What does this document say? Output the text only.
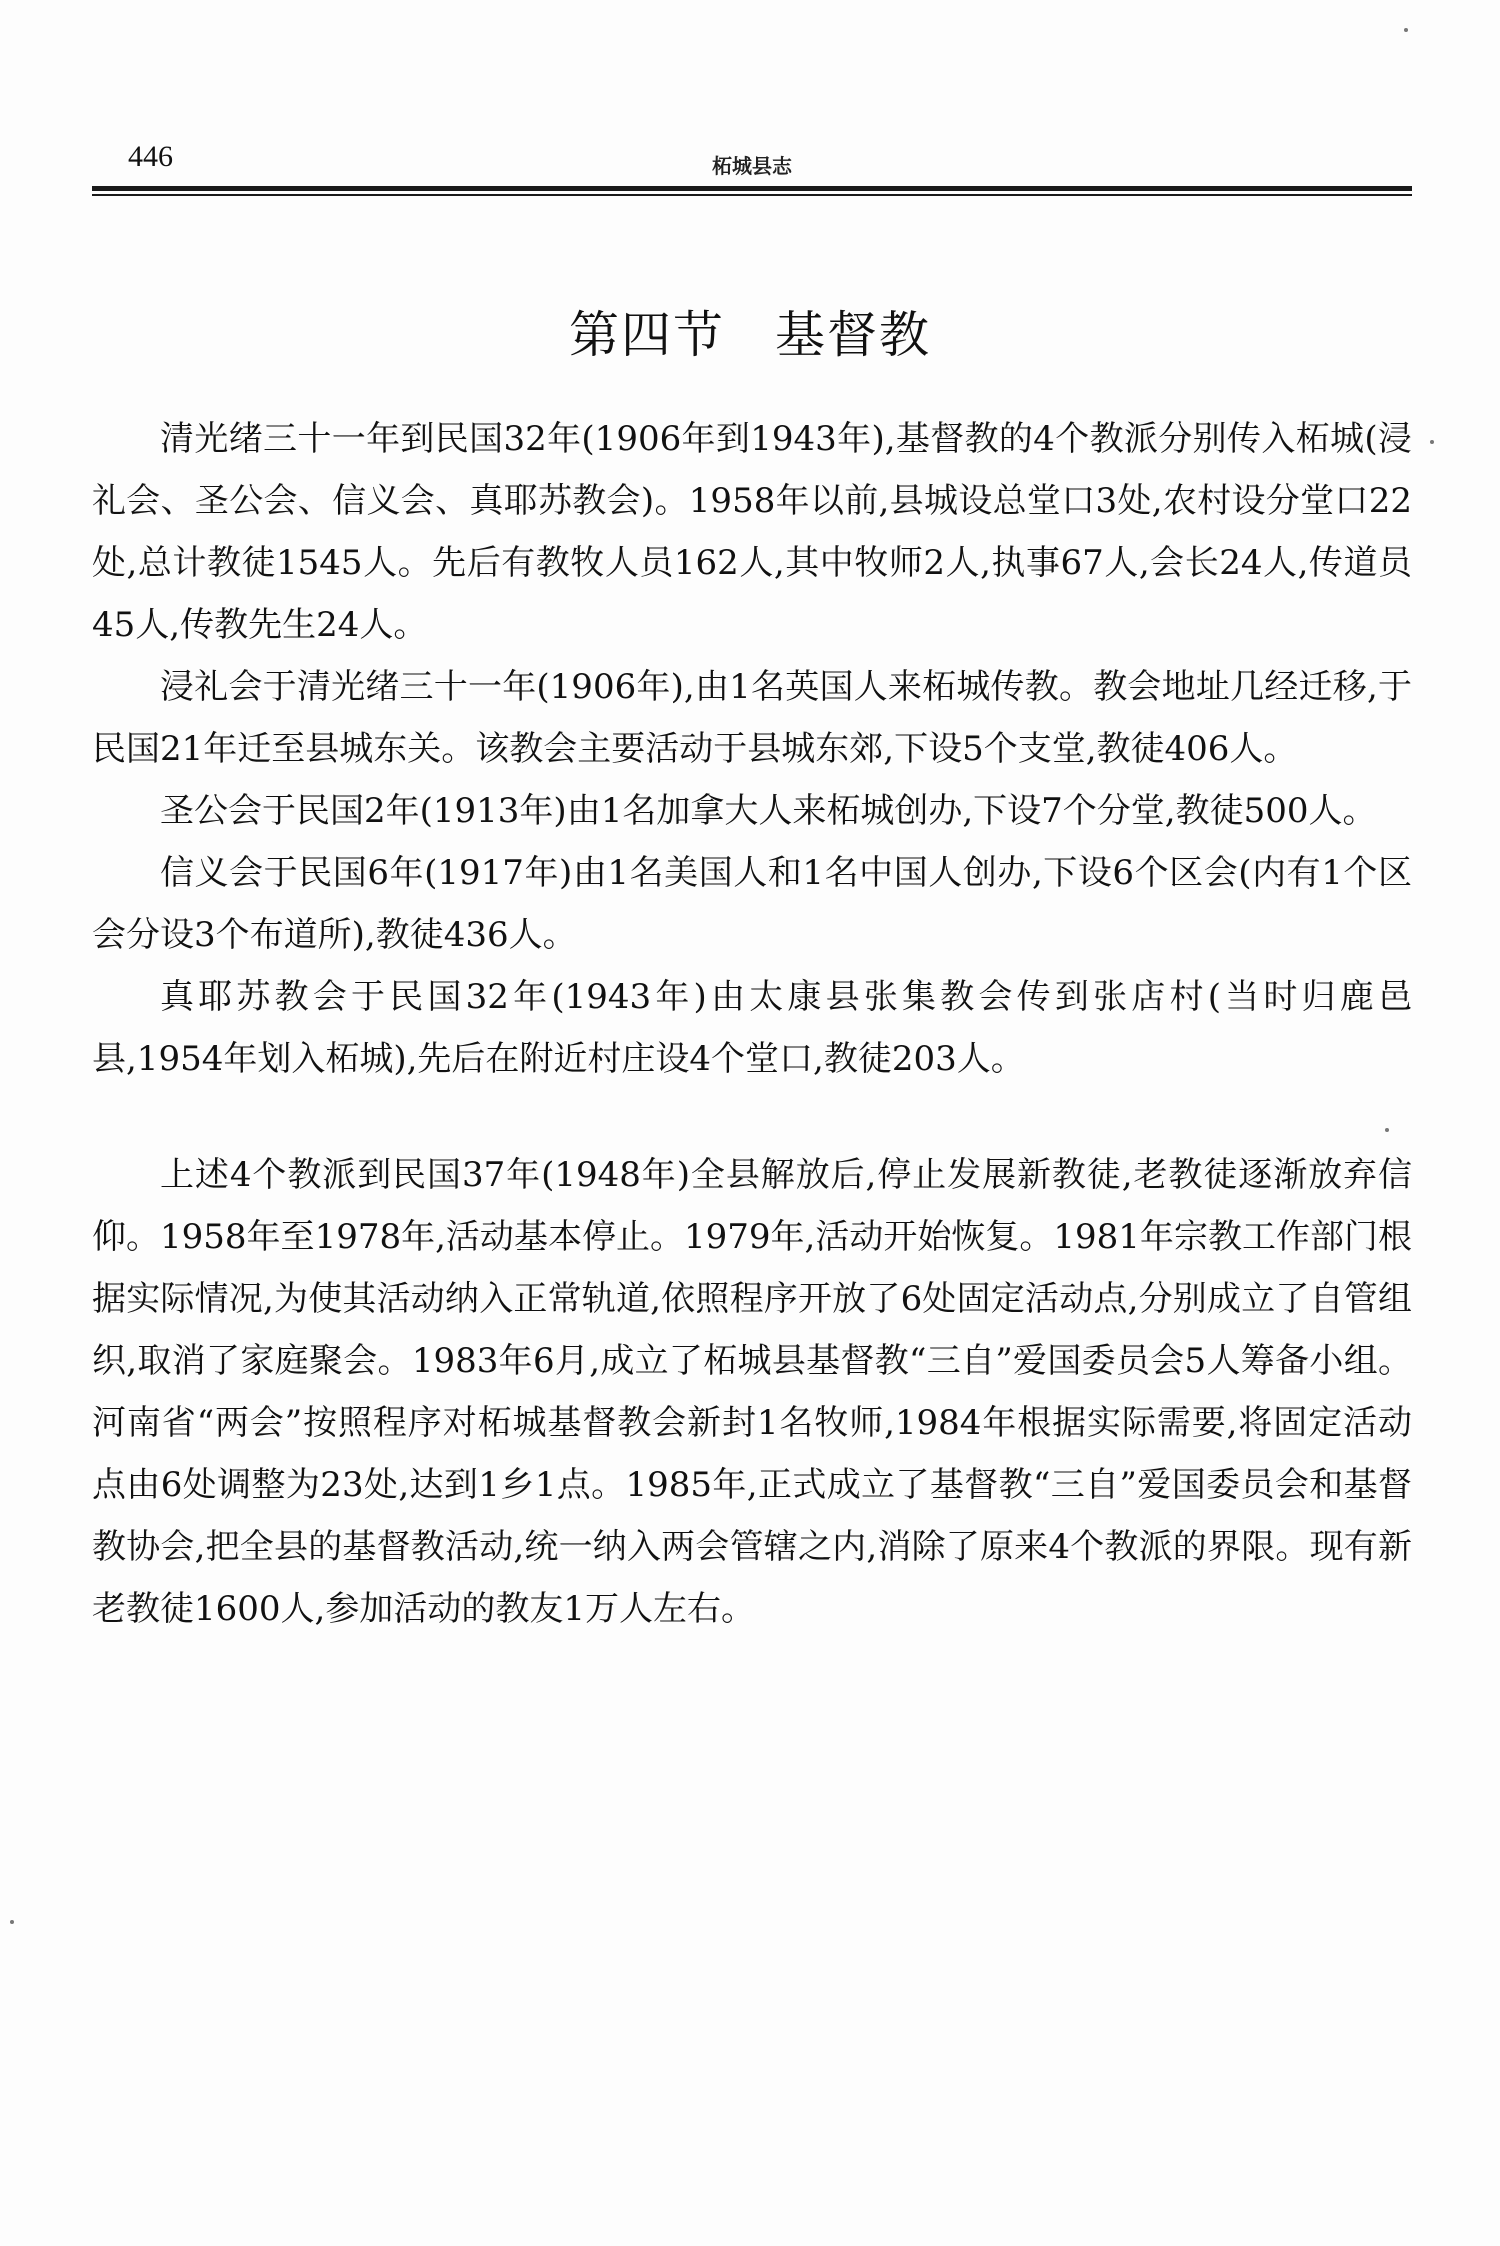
446	柘城县志
第四节 基督教

清光绪三十一年到民国32年(1906年到1943年),基督教的4个教派分别传入柘城(浸礼会、圣公会、信义会、真耶苏教会)。1958年以前,县城设总堂口3处,农村设分堂口22处,总计教徒1545人。先后有教牧人员162人,其中牧师2人,执事67人,会长24人,传道员45人,传教先生24人。

浸礼会于清光绪三十一年(1906年),由1名英国人来柘城传教。教会地址几经迁移,于民国21年迁至县城东关。该教会主要活动于县城东郊,下设5个支堂,教徒406人。

圣公会于民国2年(1913年)由1名加拿大人来柘城创办,下设7个分堂,教徒500人。

信义会于民国6年(1917年)由1名美国人和1名中国人创办,下设6个区会(内有1个区会分设3个布道所),教徒436人。

真耶苏教会于民国32年(1943年)由太康县张集教会传到张店村(当时归鹿邑县,1954年划入柘城),先后在附近村庄设4个堂口,教徒203人。

上述4个教派到民国37年(1948年)全县解放后,停止发展新教徒,老教徒逐渐放弃信仰。1958年至1978年,活动基本停止。1979年,活动开始恢复。1981年宗教工作部门根据实际情况,为使其活动纳入正常轨道,依照程序开放了6处固定活动点,分别成立了自管组织,取消了家庭聚会。1983年6月,成立了柘城县基督教“三自”爱国委员会5人筹备小组。河南省“两会”按照程序对柘城基督教会新封1名牧师,1984年根据实际需要,将固定活动点由6处调整为23处,达到1乡1点。1985年,正式成立了基督教“三自”爱国委员会和基督教协会,把全县的基督教活动,统一纳入两会管辖之内,消除了原来4个教派的界限。现有新老教徒1600人,参加活动的教友1万人左右。
